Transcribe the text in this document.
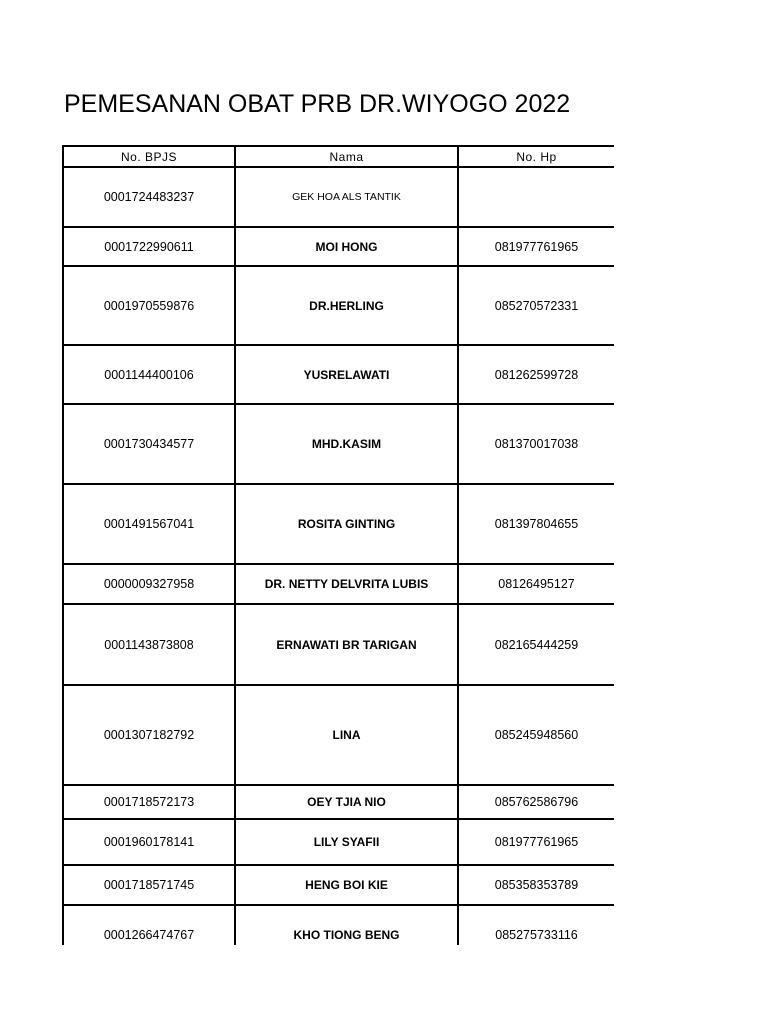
PEMESANAN OBAT PRB DR.WIYOGO 2022
No. BPJS	Nama	No. Hp
0001724483237	GEK HOA ALS TANTIK	
0001722990611	MOI HONG	081977761965
0001970559876	DR.HERLING	085270572331
0001144400106	YUSRELAWATI	081262599728
0001730434577	MHD.KASIM	081370017038
0001491567041	ROSITA GINTING	081397804655
0000009327958	DR. NETTY DELVRITA LUBIS	08126495127
0001143873808	ERNAWATI BR TARIGAN	082165444259
0001307182792	LINA	085245948560
0001718572173	OEY TJIA NIO	085762586796
0001960178141	LILY SYAFII	081977761965
0001718571745	HENG BOI KIE	085358353789
0001266474767	KHO TIONG BENG	085275733116
